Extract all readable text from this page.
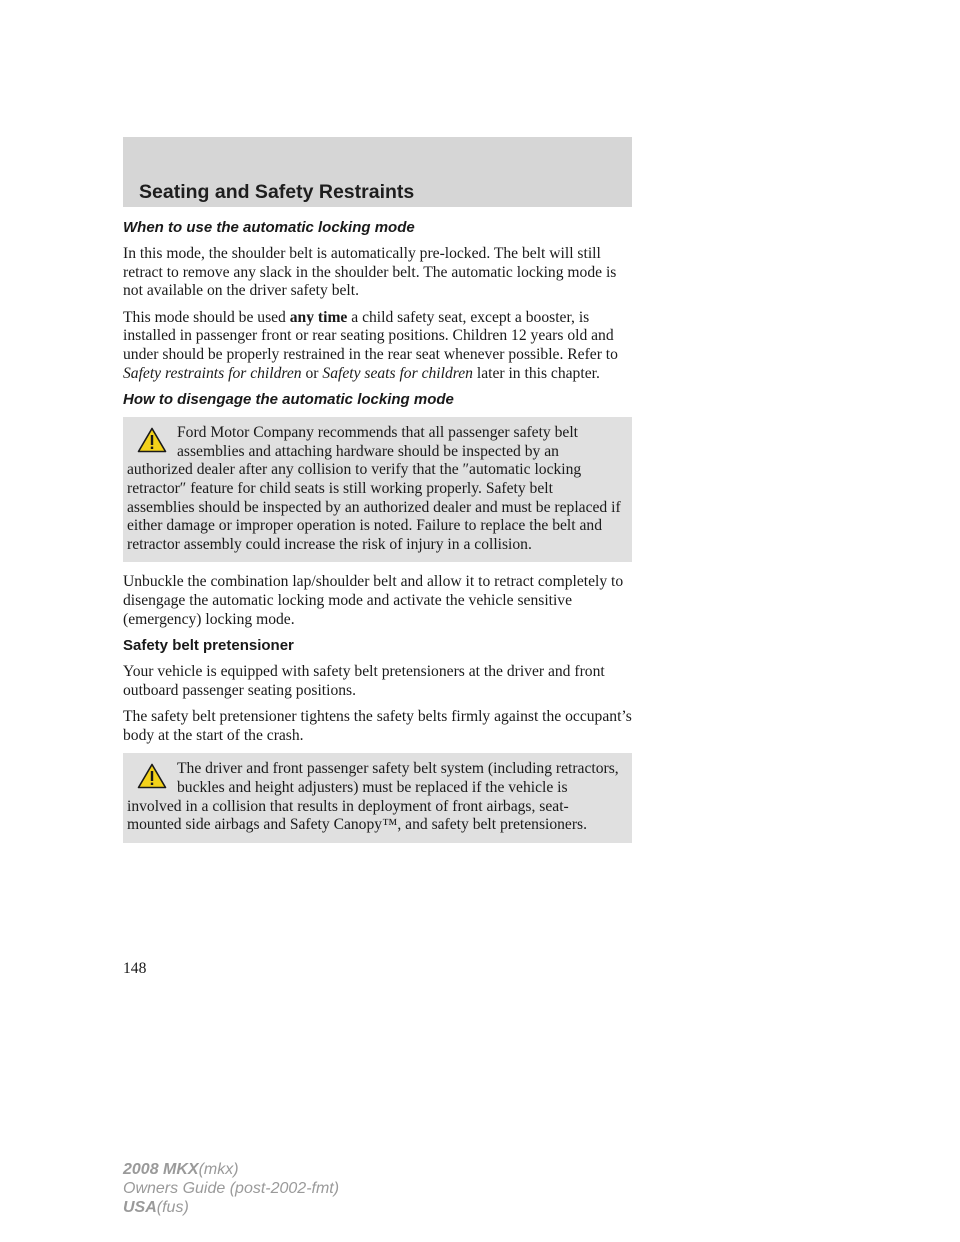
Seating and Safety Restraints
When to use the automatic locking mode

In this mode, the shoulder belt is automatically pre-locked. The belt will still retract to remove any slack in the shoulder belt. The automatic locking mode is not available on the driver safety belt.

This mode should be used any time a child safety seat, except a booster, is installed in passenger front or rear seating positions. Children 12 years old and under should be properly restrained in the rear seat whenever possible. Refer to Safety restraints for children or Safety seats for children later in this chapter.

How to disengage the automatic locking mode

Ford Motor Company recommends that all passenger safety belt assemblies and attaching hardware should be inspected by an authorized dealer after any collision to verify that the ″automatic locking retractor″ feature for child seats is still working properly. Safety belt assemblies should be inspected by an authorized dealer and must be replaced if either damage or improper operation is noted. Failure to replace the belt and retractor assembly could increase the risk of injury in a collision.

Unbuckle the combination lap/shoulder belt and allow it to retract completely to disengage the automatic locking mode and activate the vehicle sensitive (emergency) locking mode.

Safety belt pretensioner

Your vehicle is equipped with safety belt pretensioners at the driver and front outboard passenger seating positions.

The safety belt pretensioner tightens the safety belts firmly against the occupant’s body at the start of the crash.

The driver and front passenger safety belt system (including retractors, buckles and height adjusters) must be replaced if the vehicle is involved in a collision that results in deployment of front airbags, seat-mounted side airbags and Safety Canopy™, and safety belt pretensioners.

148
2008 MKX(mkx)
Owners Guide (post-2002-fmt)
USA(fus)
